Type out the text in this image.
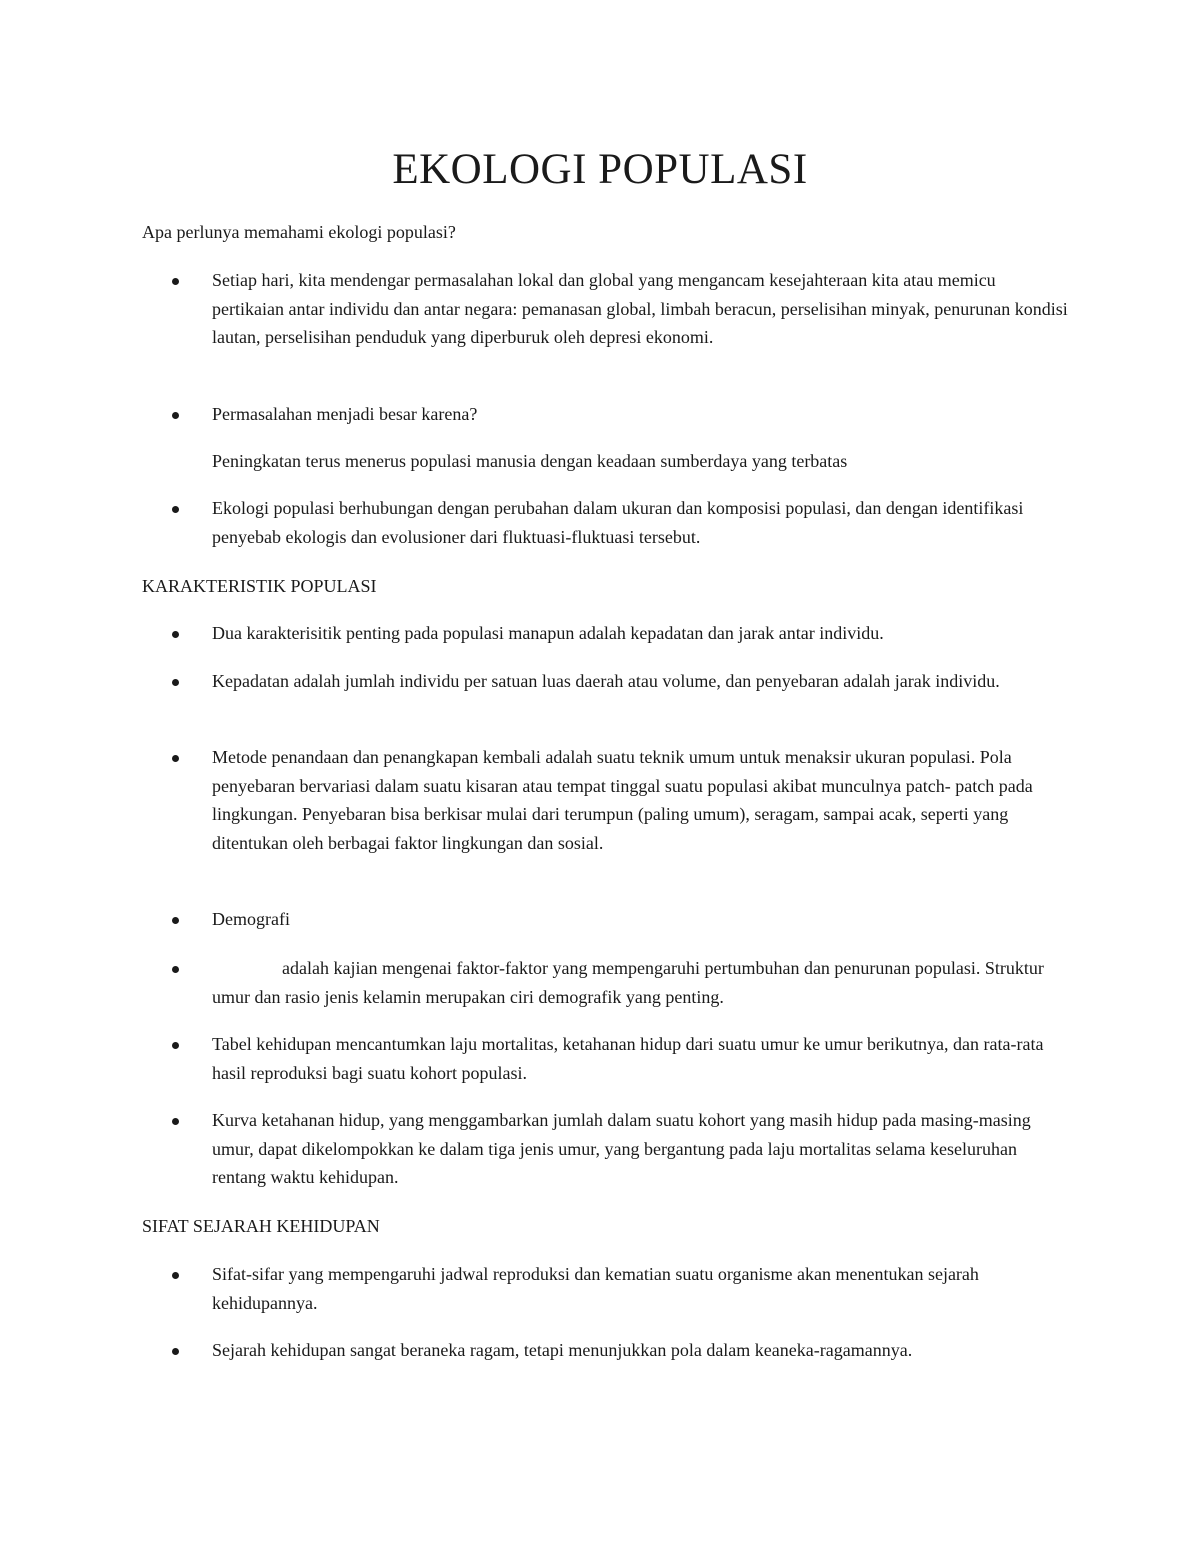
EKOLOGI POPULASI

Apa perlunya memahami ekologi populasi?

Setiap hari, kita mendengar permasalahan lokal dan global yang mengancam kesejahteraan kita atau memicu pertikaian antar individu dan antar negara: pemanasan global, limbah beracun, perselisihan minyak, penurunan kondisi lautan, perselisihan penduduk yang diperburuk oleh depresi ekonomi.
Permasalahan menjadi besar karena?

Peningkatan terus menerus populasi manusia dengan keadaan sumberdaya yang terbatas

Ekologi populasi berhubungan dengan perubahan dalam ukuran dan komposisi populasi, dan dengan identifikasi penyebab ekologis dan evolusioner dari fluktuasi-fluktuasi tersebut.

KARAKTERISTIK POPULASI

Dua karakterisitik penting pada populasi manapun adalah kepadatan dan jarak antar individu.
Kepadatan adalah jumlah individu per satuan luas daerah atau volume, dan penyebaran adalah jarak individu.
Metode penandaan dan penangkapan kembali adalah suatu teknik umum untuk menaksir ukuran populasi. Pola penyebaran bervariasi dalam suatu kisaran atau tempat tinggal suatu populasi akibat munculnya patch- patch pada lingkungan. Penyebaran bisa berkisar mulai dari terumpun (paling umum), seragam, sampai acak, seperti yang ditentukan oleh berbagai faktor lingkungan dan sosial.
Demografi
adalah kajian mengenai faktor-faktor yang mempengaruhi pertumbuhan dan penurunan populasi. Struktur umur dan rasio jenis kelamin merupakan ciri demografik yang penting.
Tabel kehidupan mencantumkan laju mortalitas, ketahanan hidup dari suatu umur ke umur berikutnya, dan rata-rata hasil reproduksi bagi suatu kohort populasi.
Kurva ketahanan hidup, yang menggambarkan jumlah dalam suatu kohort yang masih hidup pada masing-masing umur, dapat dikelompokkan ke dalam tiga jenis umur, yang bergantung pada laju mortalitas selama keseluruhan rentang waktu kehidupan.

SIFAT SEJARAH KEHIDUPAN

Sifat-sifar yang mempengaruhi jadwal reproduksi dan kematian suatu organisme akan menentukan sejarah kehidupannya.
Sejarah kehidupan sangat beraneka ragam, tetapi menunjukkan pola dalam keaneka-ragamannya.
